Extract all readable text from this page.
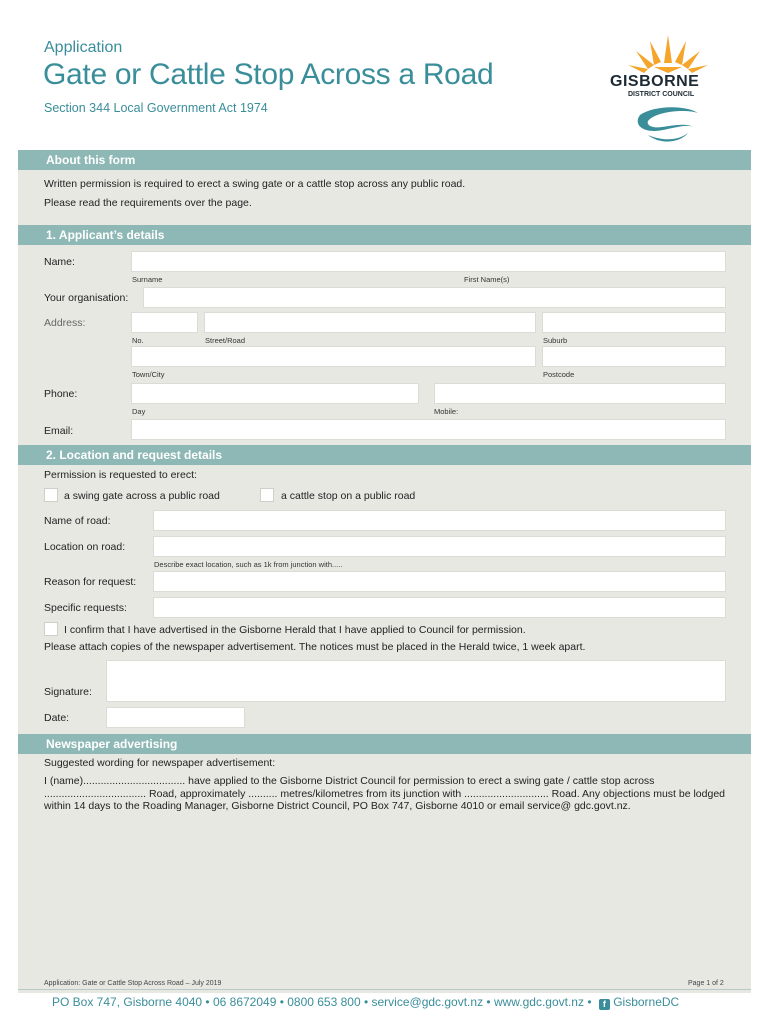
Application
Gate or Cattle Stop Across a Road
Section 344 Local Government Act 1974
GISBORNE
DISTRICT COUNCIL
About this form
Written permission is required to erect a swing gate or a cattle stop across any public road.
Please read the requirements over the page.
1. Applicant’s details
Name:
Surname	First Name(s)
Your organisation:
Address:
No.	Street/Road	Suburb
Town/City	Postcode
Phone:
Day	Mobile:
Email:
2. Location and request details
Permission is requested to erect:
a swing gate across a public road	a cattle stop on a public road
Name of road:
Location on road:
Describe exact location, such as 1k from junction with.....
Reason for request:
Specific requests:
I confirm that I have advertised in the Gisborne Herald that I have applied to Council for permission.
Please attach copies of the newspaper advertisement. The notices must be placed in the Herald twice, 1 week apart.
Signature:
Date:
Newspaper advertising
Suggested wording for newspaper advertisement:
I (name)................................... have applied to the Gisborne District Council for permission to erect a swing gate / cattle stop across ................................... Road, approximately .......... metres/kilometres from its junction with ............................. Road. Any objections must be lodged within 14 days to the Roading Manager, Gisborne District Council, PO Box 747, Gisborne 4010 or email service@ gdc.govt.nz.
Application: Gate or Cattle Stop Across Road – July 2019	Page 1 of 2
PO Box 747, Gisborne 4040 • 06 8672049 • 0800 653 800 • service@gdc.govt.nz • www.gdc.govt.nz • f GisborneDC
